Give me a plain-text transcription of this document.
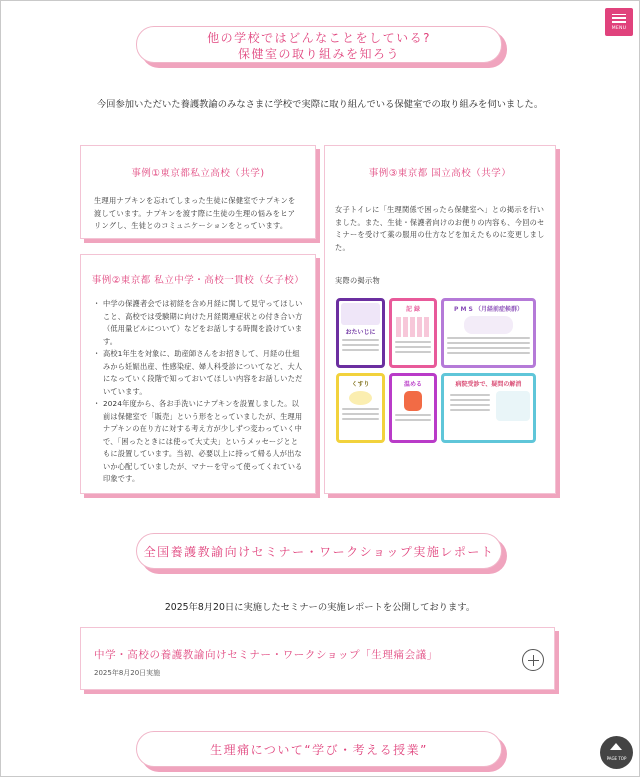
MENU
他の学校ではどんなことをしている?
保健室の取り組みを知ろう
今回参加いただいた養護教諭のみなさまに学校で実際に取り組んでいる保健室での取り組みを伺いました。
事例①東京都私立高校（共学)
生理用ナプキンを忘れてしまった生徒に保健室でナプキンを渡しています。ナプキンを渡す際に生徒の生理の悩みをヒアリングし、生徒とのコミュニケーションをとっています。
事例②東京都 私立中学・高校一貫校（女子校）
・ 中学の保護者会では初経を含め月経に関して見守ってほしいこと、高校では受験期に向けた月経関連症状との付き合い方（低用量ピルについて）などをお話しする時間を設けています。
・ 高校1年生を対象に、助産師さんをお招きして、月経の仕組みから妊娠出産、性感染症、婦人科受診についてなど、大人になっていく段階で知っておいてほしい内容をお話しいただいています。
・ 2024年度から、各お手洗いにナプキンを設置しました。以前は保健室で「販売」という形をとっていましたが、生理用ナプキンの在り方に対する考え方が少しずつ変わっていく中で、「困ったときには使って大丈夫」というメッセージとともに設置しています。当初、必要以上に持って帰る人が出ないか心配していましたが、マナーを守って使ってくれている印象です。
事例③東京都 国立高校（共学）
女子トイレに「生理関係で困ったら保健室へ」との掲示を行いました。また、生徒・保護者向けのお便りの内容も、今回のセミナーを受けて薬の服用の仕方などを加えたものに変更しました。
実際の掲示物
おたいじに
記 録	P M S （月経前症候群）
くすり	温める	病院受診で、疑問の解消
全国養護教諭向けセミナー・ワークショップ実施レポート
2025年8月20日に実施したセミナーの実施レポートを公開しております。
中学・高校の養護教諭向けセミナー・ワークショップ「生理痛会議」
2025年8月20日実施
生理痛について“学び・考える授業”
PAGE TOP
